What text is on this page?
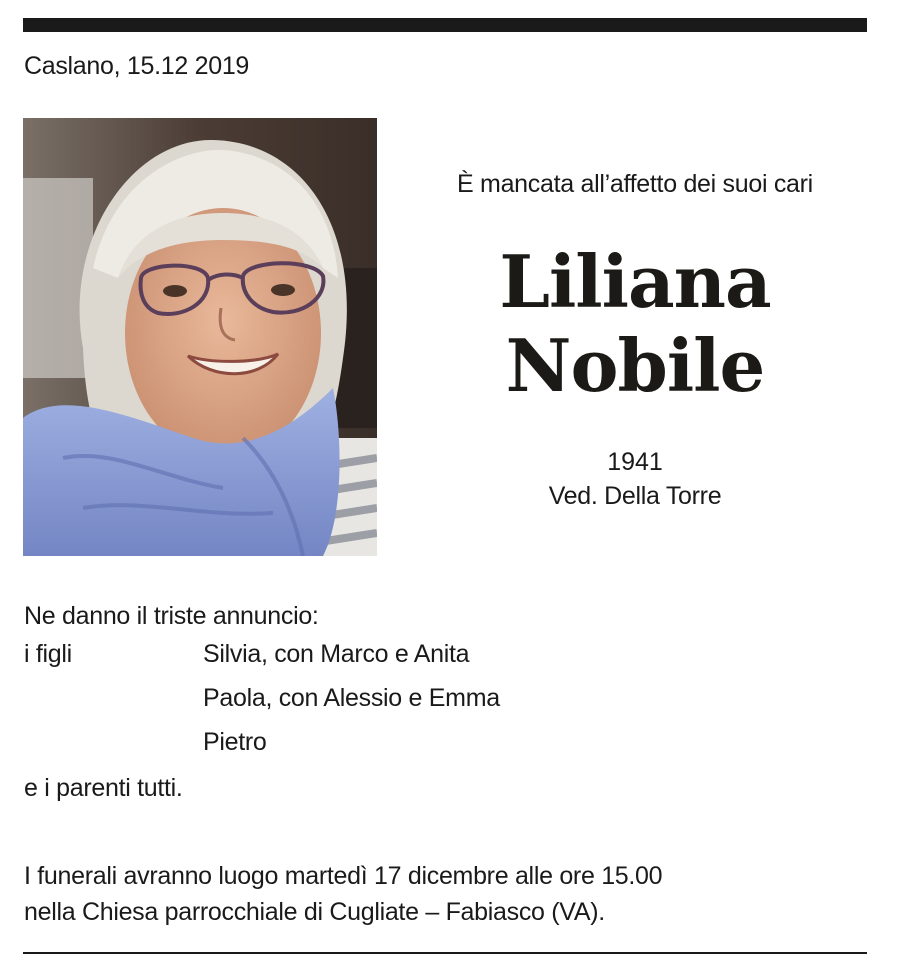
Caslano, 15.12 2019
È mancata all’affetto dei suoi cari
Liliana
Nobile
1941
Ved. Della Torre
Ne danno il triste annuncio:
i figli	Silvia, con Marco e Anita
Paola, con Alessio e Emma
Pietro
e i parenti tutti.
I funerali avranno luogo martedì 17 dicembre alle ore 15.00
nella Chiesa parrocchiale di Cugliate – Fabiasco (VA).
